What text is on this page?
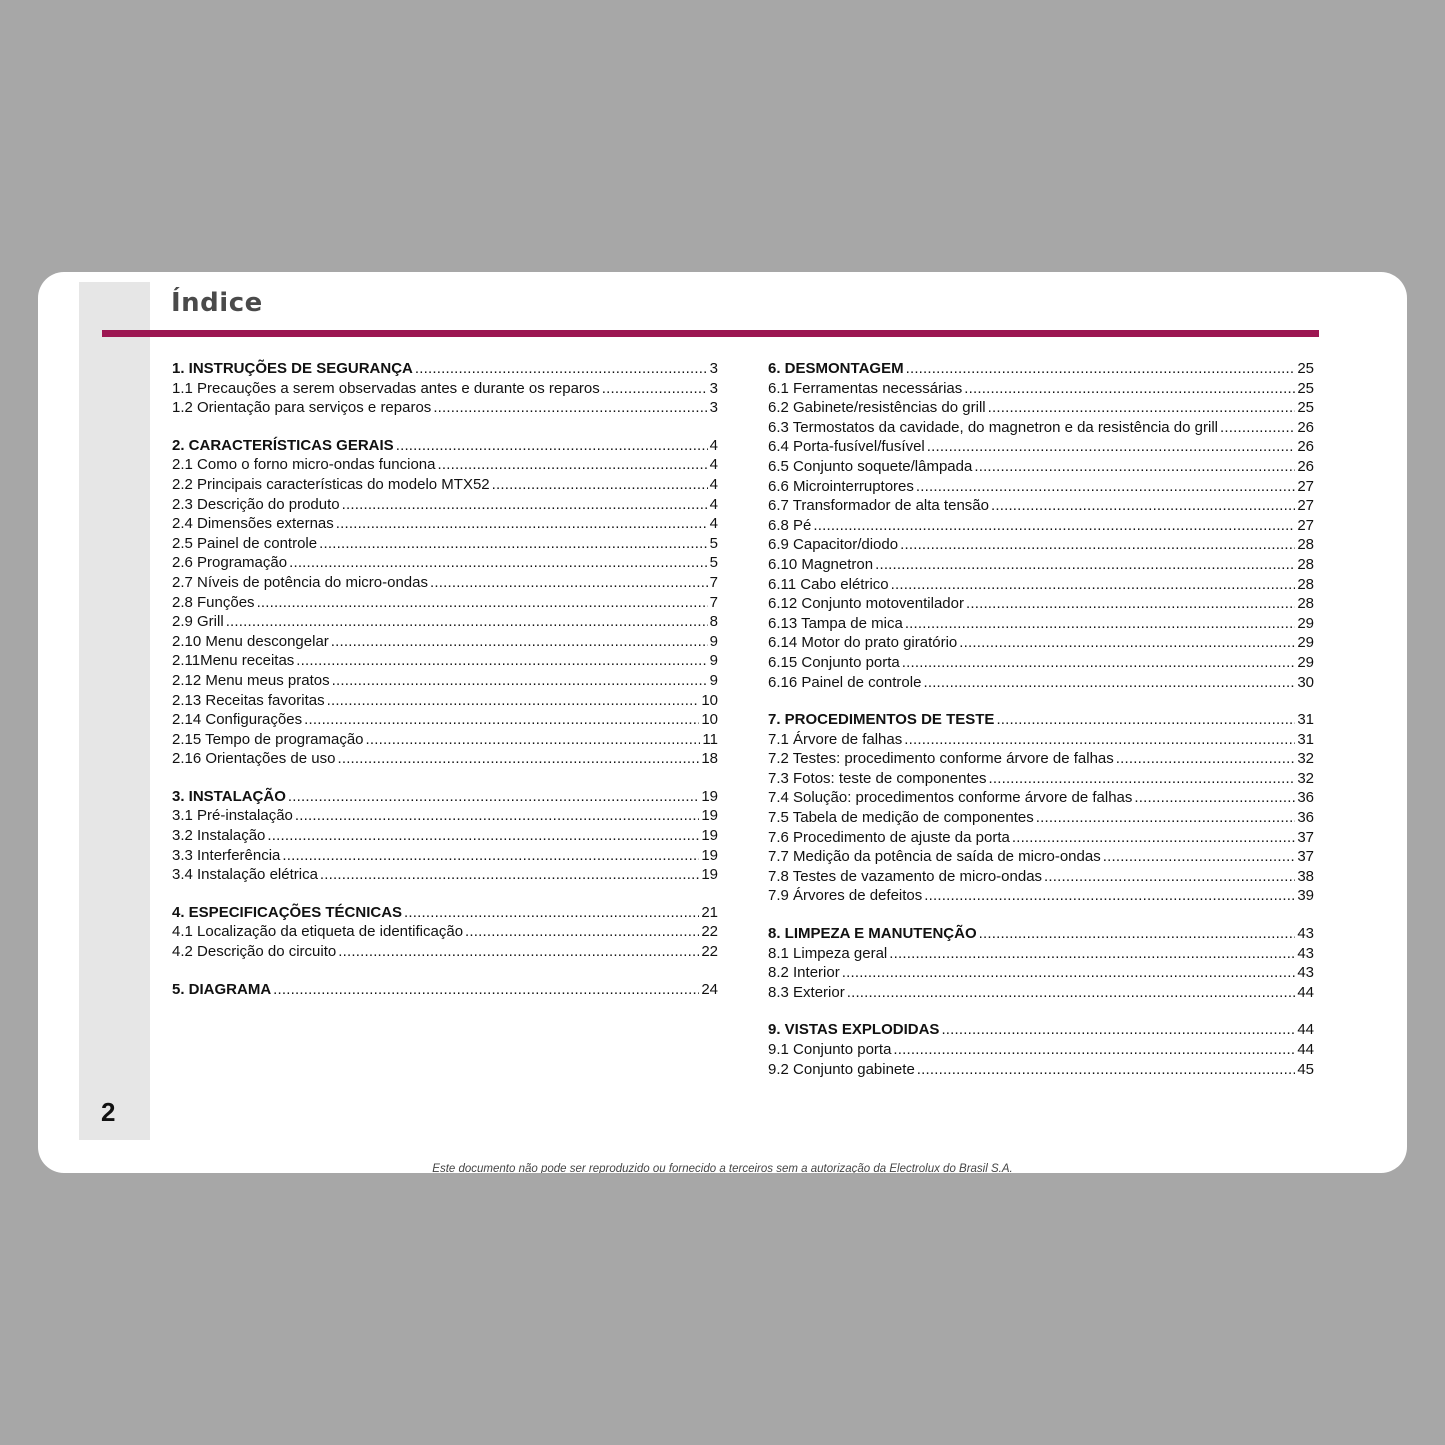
2
Índice
1. INSTRUÇÕES DE SEGURANÇA .....	3
1.1 Precauções a serem observadas antes e durante os reparos .....	3
1.2 Orientação para serviços e reparos .....	3
2. CARACTERÍSTICAS GERAIS .....	4
2.1 Como o forno micro-ondas funciona .....	4
2.2 Principais características do modelo MTX52 .....	4
2.3 Descrição do produto .....	4
2.4 Dimensões externas .....	4
2.5 Painel de controle .....	5
2.6 Programação .....	5
2.7 Níveis de potência do micro-ondas .....	7
2.8 Funções .....	7
2.9 Grill .....	8
2.10 Menu descongelar .....	9
2.11Menu receitas .....	9
2.12 Menu meus pratos .....	9
2.13 Receitas favoritas .....	10
2.14 Configurações .....	10
2.15 Tempo de programação .....	11
2.16 Orientações de uso .....	18
3. INSTALAÇÃO .....	19
3.1 Pré-instalação .....	19
3.2 Instalação .....	19
3.3 Interferência .....	19
3.4 Instalação elétrica .....	19
4. ESPECIFICAÇÕES TÉCNICAS .....	21
4.1 Localização da etiqueta de identificação .....	22
4.2 Descrição do circuito .....	22
5. DIAGRAMA .....	24
6. DESMONTAGEM .....	25
6.1 Ferramentas necessárias .....	25
6.2 Gabinete/resistências do grill .....	25
6.3 Termostatos da cavidade, do magnetron e da resistência do grill .....	26
6.4 Porta-fusível/fusível .....	26
6.5 Conjunto soquete/lâmpada .....	26
6.6 Microinterruptores .....	27
6.7 Transformador de alta tensão .....	27
6.8 Pé .....	27
6.9 Capacitor/diodo .....	28
6.10 Magnetron .....	28
6.11 Cabo elétrico .....	28
6.12 Conjunto motoventilador .....	28
6.13 Tampa de mica .....	29
6.14 Motor do prato giratório .....	29
6.15 Conjunto porta .....	29
6.16 Painel de controle .....	30
7. PROCEDIMENTOS DE TESTE .....	31
7.1 Árvore de falhas .....	31
7.2 Testes: procedimento conforme árvore de falhas .....	32
7.3 Fotos: teste de componentes .....	32
7.4 Solução: procedimentos conforme árvore de falhas .....	36
7.5 Tabela de medição de componentes .....	36
7.6 Procedimento de ajuste da porta .....	37
7.7 Medição da potência de saída de micro-ondas .....	37
7.8 Testes de vazamento de micro-ondas .....	38
7.9 Árvores de defeitos .....	39
8. LIMPEZA E MANUTENÇÃO .....	43
8.1 Limpeza geral .....	43
8.2 Interior .....	43
8.3 Exterior .....	44
9. VISTAS EXPLODIDAS .....	44
9.1 Conjunto porta .....	44
9.2 Conjunto gabinete .....	45
Este documento não pode ser reproduzido ou fornecido a terceiros sem a autorização da Electrolux do Brasil S.A.
